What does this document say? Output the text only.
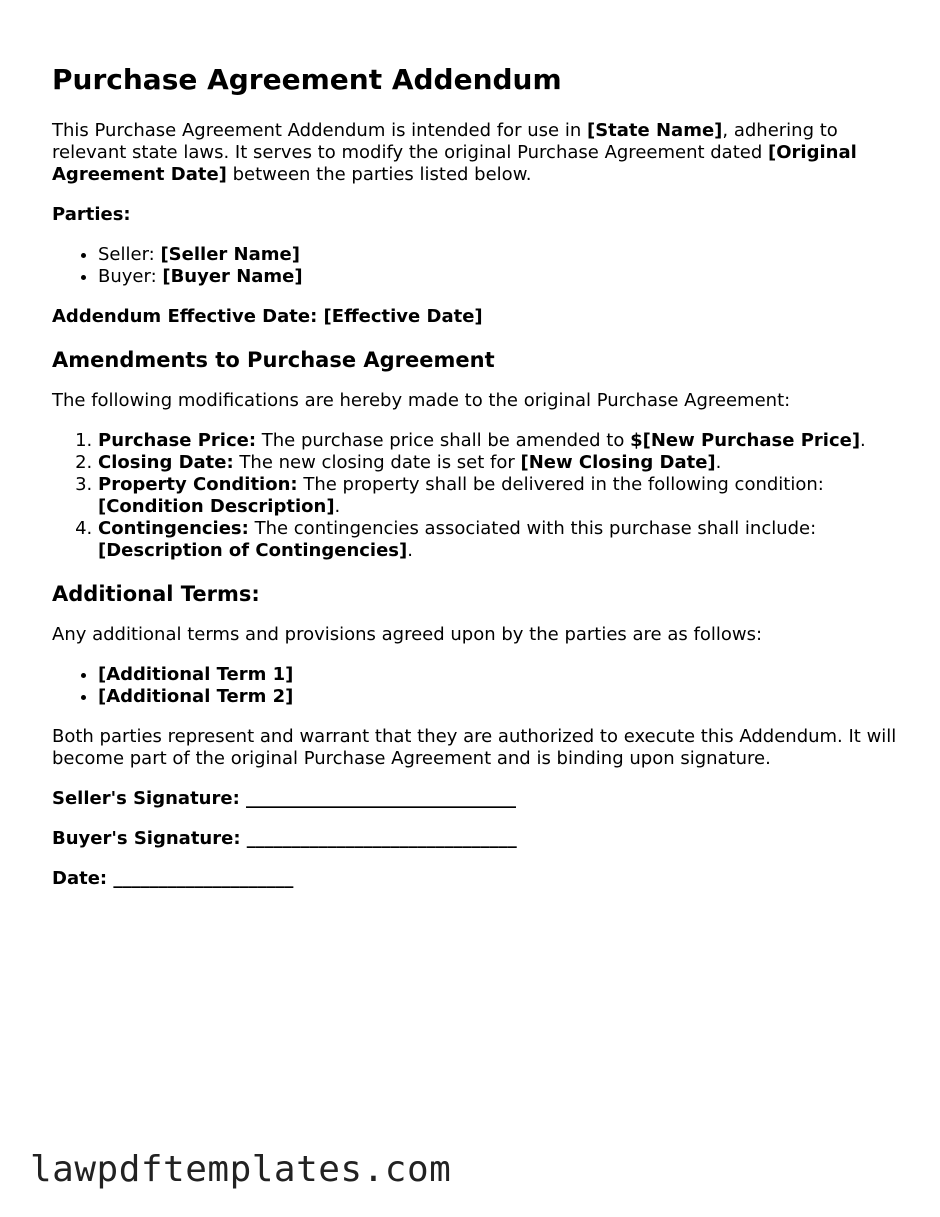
Purchase Agreement Addendum

This Purchase Agreement Addendum is intended for use in [State Name], adhering to relevant state laws. It serves to modify the original Purchase Agreement dated [Original Agreement Date] between the parties listed below.

Parties:

• Seller: [Seller Name]
• Buyer: [Buyer Name]

Addendum Effective Date: [Effective Date]

Amendments to Purchase Agreement

The following modifications are hereby made to the original Purchase Agreement:

1. Purchase Price: The purchase price shall be amended to $[New Purchase Price].
2. Closing Date: The new closing date is set for [New Closing Date].
3. Property Condition: The property shall be delivered in the following condition: [Condition Description].
4. Contingencies: The contingencies associated with this purchase shall include: [Description of Contingencies].
Additional Terms:

Any additional terms and provisions agreed upon by the parties are as follows:

• [Additional Term 1]
• [Additional Term 2]

Both parties represent and warrant that they are authorized to execute this Addendum. It will become part of the original Purchase Agreement and is binding upon signature.

Seller's Signature: ______________________________

Buyer's Signature: ______________________________

Date: ____________________

lawpdftemplates.com
